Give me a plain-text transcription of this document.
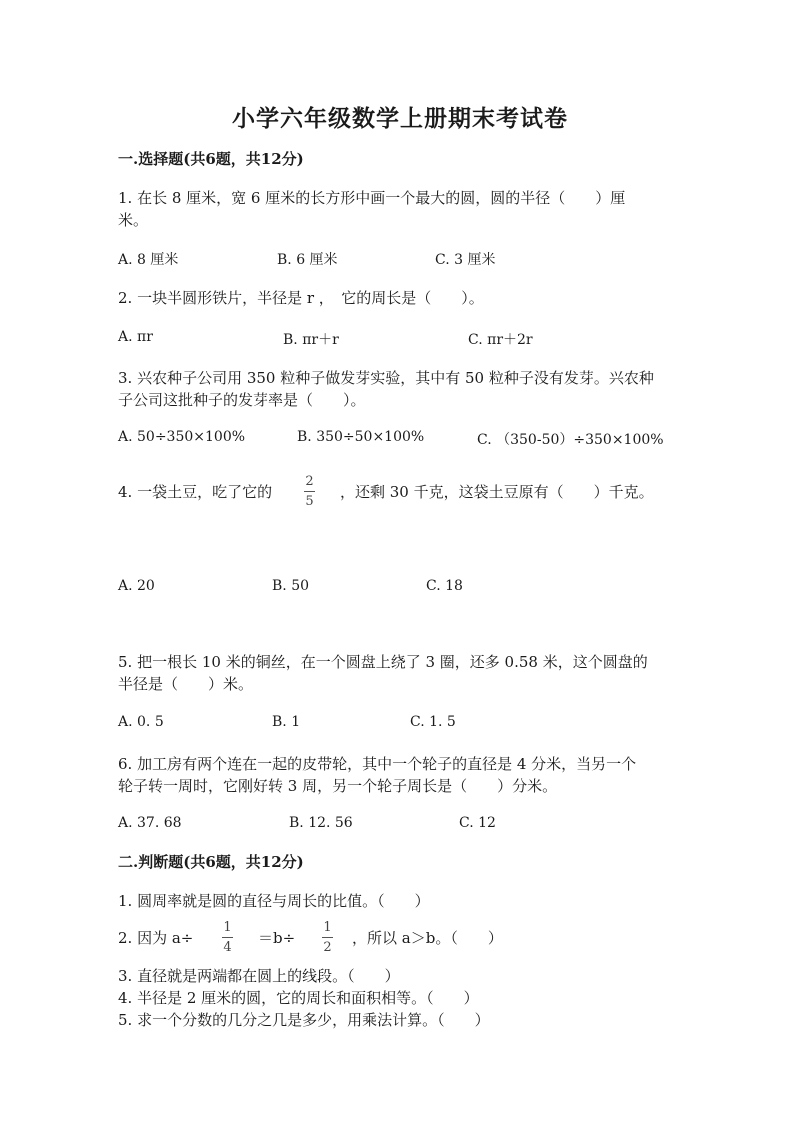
小学六年级数学上册期末考试卷
一.选择题(共6题，共12分)
1. 在长 8 厘米，宽 6 厘米的长方形中画一个最大的圆，圆的半径（　　）厘
米。
A. 8 厘米	B. 6 厘米	C. 3 厘米
2. 一块半圆形铁片，半径是 r ，　它的周长是（　　）。
A. πr	B. πr＋r	C. πr＋2r
3. 兴农种子公司用 350 粒种子做发芽实验，其中有 50 粒种子没有发芽。兴农种
子公司这批种子的发芽率是（　　）。
A. 50÷350×100%	B. 350÷50×100%	C. （350-50）÷350×100%
4. 一袋土豆，吃了它的
2
5
，还剩 30 千克，这袋土豆原有（　　）千克。
A. 20	B. 50	C. 18
5. 把一根长 10 米的铜丝，在一个圆盘上绕了 3 圈，还多 0.58 米，这个圆盘的
半径是（　　）米。
A. 0. 5	B. 1	C. 1. 5
6. 加工房有两个连在一起的皮带轮，其中一个轮子的直径是 4 分米，当另一个
轮子转一周时，它刚好转 3 周，另一个轮子周长是（　　）分米。
A. 37. 68	B. 12. 56	C. 12
二.判断题(共6题，共12分)
1. 圆周率就是圆的直径与周长的比值。（　　）
2. 因为 a÷
1
4
＝b÷
1
2
，所以 a＞b。（　　）
3. 直径就是两端都在圆上的线段。（　　）
4. 半径是 2 厘米的圆，它的周长和面积相等。（　　）
5. 求一个分数的几分之几是多少，用乘法计算。（　　）
